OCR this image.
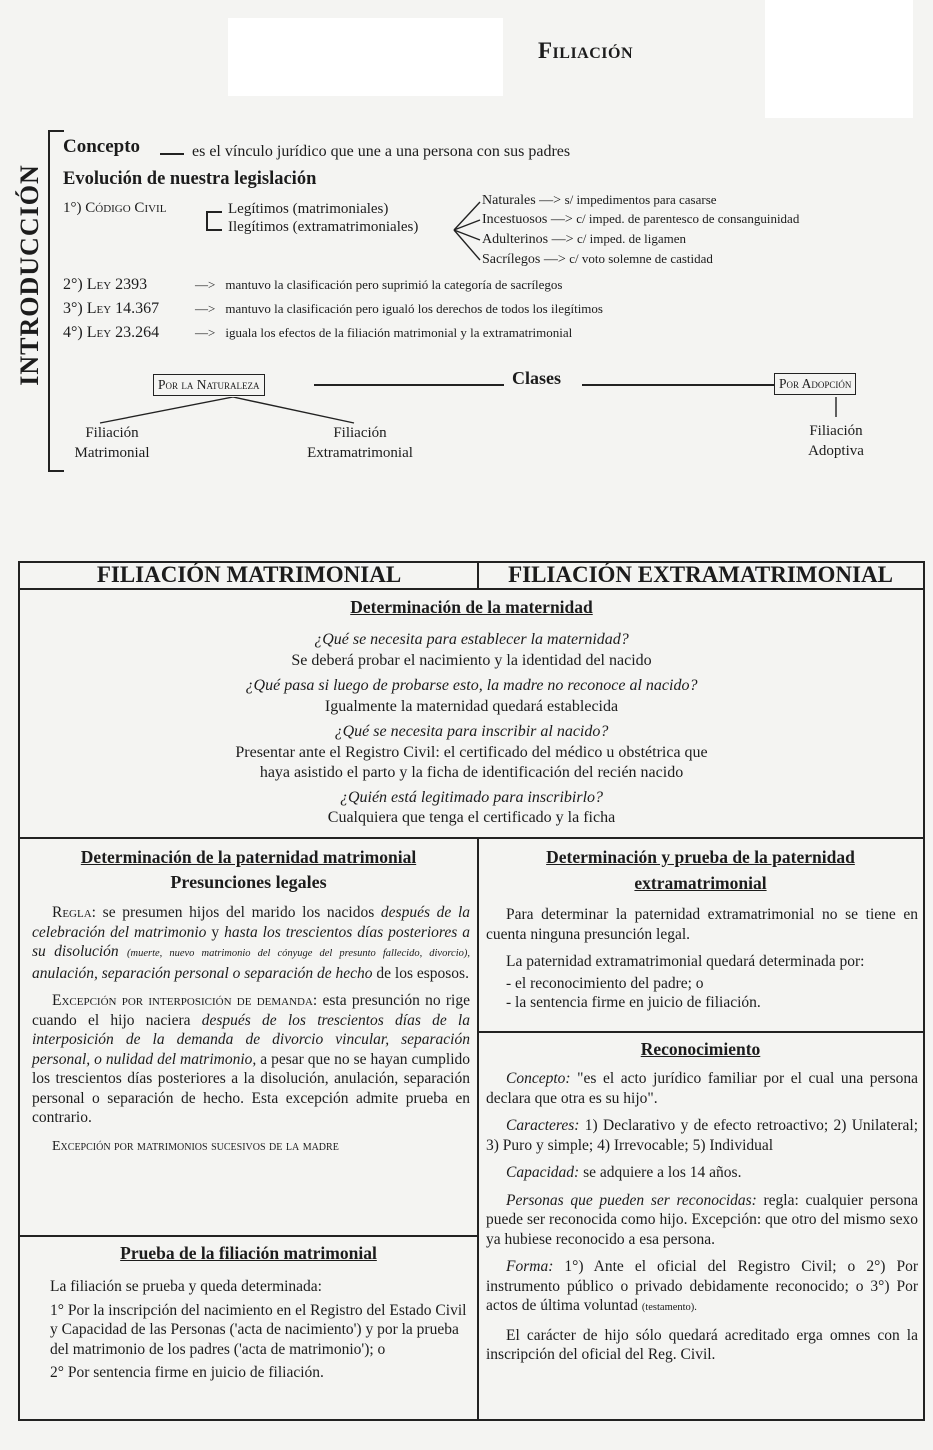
Filiación
INTRODUCCIÓN
Concepto	es el vínculo jurídico que une a una persona con sus padres
Evolución de nuestra legislación
1°) Código Civil	Legítimos (matrimoniales)
Ilegítimos (extramatrimoniales)
Naturales —> s/ impedimentos para casarse
Incestuosos —> c/ imped. de parentesco de consanguinidad
Adulterinos —> c/ imped. de ligamen
Sacrílegos —> c/ voto solemne de castidad
2°) Ley 2393	—> mantuvo la clasificación pero suprimió la categoría de sacrílegos
3°) Ley 14.367	—> mantuvo la clasificación pero igualó los derechos de todos los ilegítimos
4°) Ley 23.264	—> iguala los efectos de la filiación matrimonial y la extramatrimonial
Por la Naturaleza	Clases	Por Adopción
Filiación
Matrimonial
Filiación
Extramatrimonial
Filiación
Adoptiva
FILIACIÓN MATRIMONIAL	FILIACIÓN EXTRAMATRIMONIAL
Determinación de la maternidad
¿Qué se necesita para establecer la maternidad?
Se deberá probar el nacimiento y la identidad del nacido
¿Qué pasa si luego de probarse esto, la madre no reconoce al nacido?
Igualmente la maternidad quedará establecida
¿Qué se necesita para inscribir al nacido?
Presentar ante el Registro Civil: el certificado del médico u obstétrica que
haya asistido el parto y la ficha de identificación del recién nacido
¿Quién está legitimado para inscribirlo?
Cualquiera que tenga el certificado y la ficha
Determinación de la paternidad matrimonial
Presunciones legales

Regla: se presumen hijos del marido los nacidos después de la celebración del matrimonio y hasta los trescientos días posteriores a su disolución (muerte, nuevo matrimonio del cónyuge del presunto fallecido, divorcio), anulación, separación personal o separación de hecho de los esposos.

Excepción por interposición de demanda: esta presunción no rige cuando el hijo naciera después de los trescientos días de la interposición de la demanda de divorcio vincular, separación personal, o nulidad del matrimonio, a pesar que no se hayan cumplido los trescientos días posteriores a la disolución, anulación, separación personal o separación de hecho. Esta excepción admite prueba en contrario.

Excepción por matrimonios sucesivos de la madre

Prueba de la filiación matrimonial
La filiación se prueba y queda determinada:
1° Por la inscripción del nacimiento en el Registro del Estado Civil y Capacidad de las Personas ('acta de nacimiento') y por la prueba del matrimonio de los padres ('acta de matrimonio'); o
2° Por sentencia firme en juicio de filiación.
Determinación y prueba de la paternidad
extramatrimonial

Para determinar la paternidad extramatrimonial no se tiene en cuenta ninguna presunción legal.

La paternidad extramatrimonial quedará determinada por:

- el reconocimiento del padre; o
- la sentencia firme en juicio de filiación.
Reconocimiento

Concepto: "es el acto jurídico familiar por el cual una persona declara que otra es su hijo".

Caracteres: 1) Declarativo y de efecto retroactivo; 2) Unilateral; 3) Puro y simple; 4) Irrevocable; 5) Individual

Capacidad: se adquiere a los 14 años.

Personas que pueden ser reconocidas: regla: cualquier persona puede ser reconocida como hijo. Excepción: que otro del mismo sexo ya hubiese reconocido a esa persona.

Forma: 1°) Ante el oficial del Registro Civil; o 2°) Por instrumento público o privado debidamente reconocido; o 3°) Por actos de última voluntad (testamento).

El carácter de hijo sólo quedará acreditado erga omnes con la inscripción del oficial del Reg. Civil.
